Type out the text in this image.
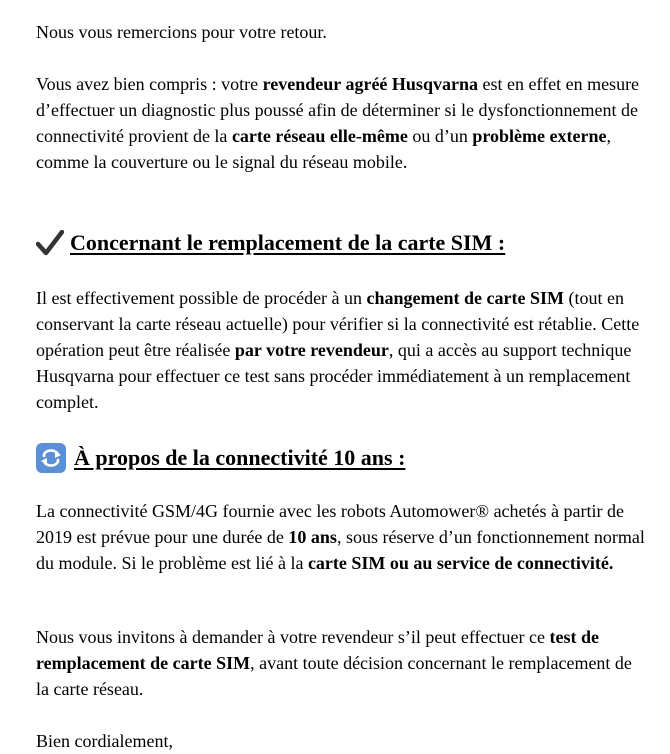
Nous vous remercions pour votre retour.

Vous avez bien compris : votre revendeur agréé Husqvarna est en effet en mesure d’effectuer un diagnostic plus poussé afin de déterminer si le dysfonctionnement de connectivité provient de la carte réseau elle-même ou d’un problème externe, comme la couverture ou le signal du réseau mobile.

Concernant le remplacement de la carte SIM :

Il est effectivement possible de procéder à un changement de carte SIM (tout en conservant la carte réseau actuelle) pour vérifier si la connectivité est rétablie. Cette opération peut être réalisée par votre revendeur, qui a accès au support technique Husqvarna pour effectuer ce test sans procéder immédiatement à un remplacement complet.

À propos de la connectivité 10 ans :

La connectivité GSM/4G fournie avec les robots Automower® achetés à partir de 2019 est prévue pour une durée de 10 ans, sous réserve d’un fonctionnement normal du module. Si le problème est lié à la carte SIM ou au service de connectivité.

Nous vous invitons à demander à votre revendeur s’il peut effectuer ce test de remplacement de carte SIM, avant toute décision concernant le remplacement de la carte réseau.

Bien cordialement,
